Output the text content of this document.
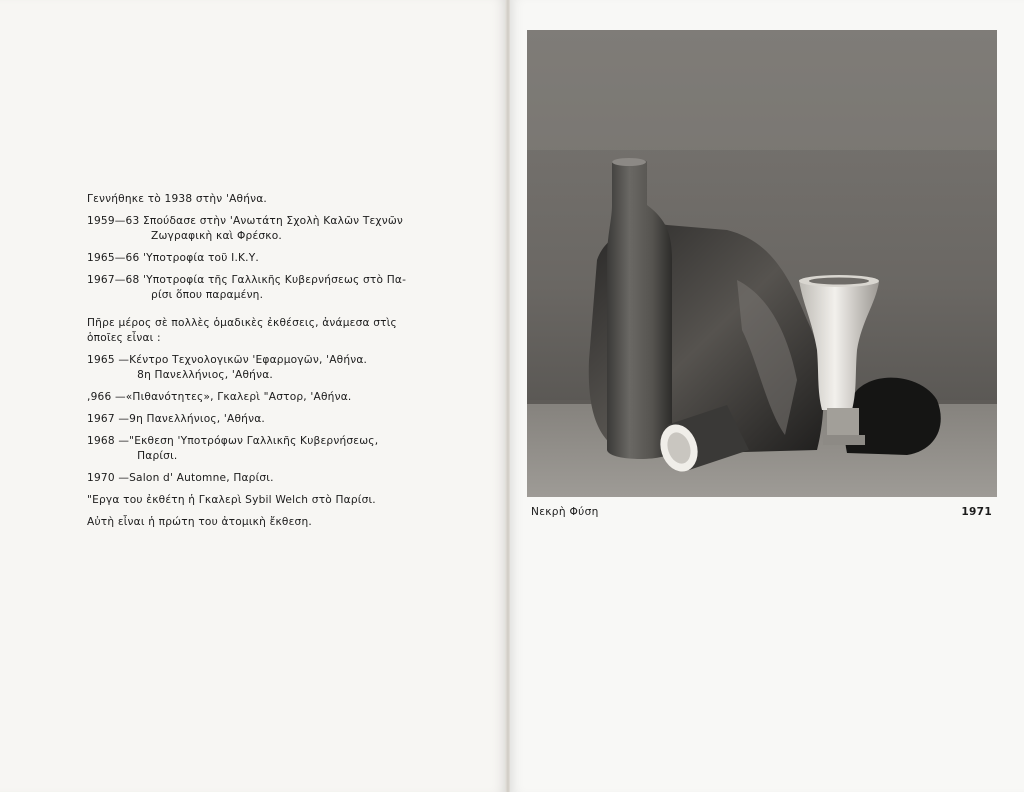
Γεννήθηκε τὸ 1938 στὴν 'Αθήνα.

1959—63
Σπούδασε στὴν 'Ανωτάτη Σχολὴ Καλῶν Τεχνῶν
Ζωγραφικὴ καὶ Φρέσκο.
1965—66
'Υποτροφία τοῦ Ι.Κ.Υ.
1967—68
'Υποτροφία τῆς Γαλλικῆς Κυβερνήσεως στὸ Πα-
ρίσι ὅπου παραμένη.

Πῆρε μέρος σὲ πολλὲς ὁμαδικὲς ἐκθέσεις, ἀνάμεσα στὶς

ὁποῖες εἶναι :

1965 — Κέντρο Τεχνολογικῶν 'Εφαρμογῶν, 'Αθήνα.
8η Πανελλήνιος, 'Αθήνα.
,966 — «Πιθανότητες», Γκαλερὶ "Αστορ, 'Αθήνα.
1967 — 9η Πανελλήνιος, 'Αθήνα.
1968 — "Εκθεση 'Υποτρόφων Γαλλικῆς Κυβερνήσεως,
Παρίσι.
1970 — Salon d' Automne, Παρίσι.

"Εργα του ἐκθέτη ἡ Γκαλερὶ Sybil Welch στὸ Παρίσι.

Αὐτὴ εἶναι ἡ πρώτη του ἀτομικὴ ἔκθεση.

Νεκρὴ Φύση	1971
